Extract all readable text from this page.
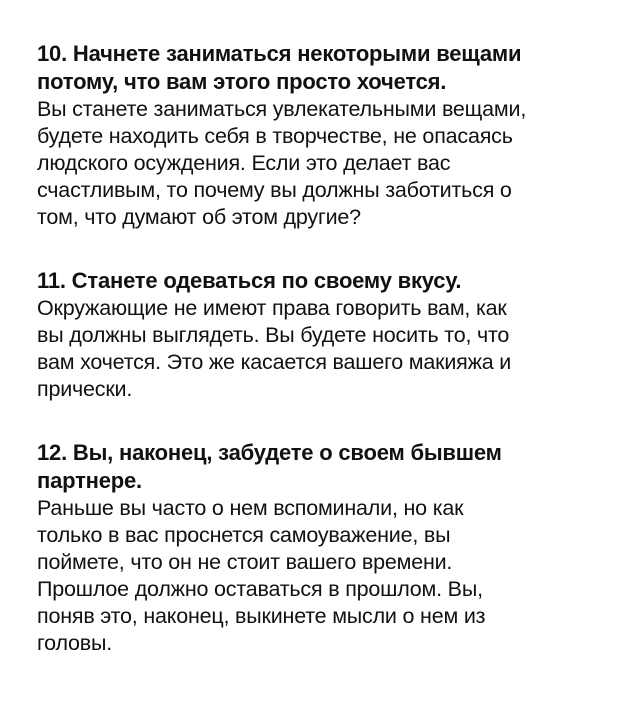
10. Начнете заниматься некоторыми вещами
потому, что вам этого просто хочется.

Вы станете заниматься увлекательными вещами,
будете находить себя в творчестве, не опасаясь
людского осуждения. Если это делает вас
счастливым, то почему вы должны заботиться о
том, что думают об этом другие?

11. Станете одеваться по своему вкусу.

Окружающие не имеют права говорить вам, как
вы должны выглядеть. Вы будете носить то, что
вам хочется. Это же касается вашего макияжа и
прически.

12. Вы, наконец, забудете о своем бывшем
партнере.

Раньше вы часто о нем вспоминали, но как
только в вас проснется самоуважение, вы
поймете, что он не стоит вашего времени.
Прошлое должно оставаться в прошлом. Вы,
поняв это, наконец, выкинете мысли о нем из
головы.
